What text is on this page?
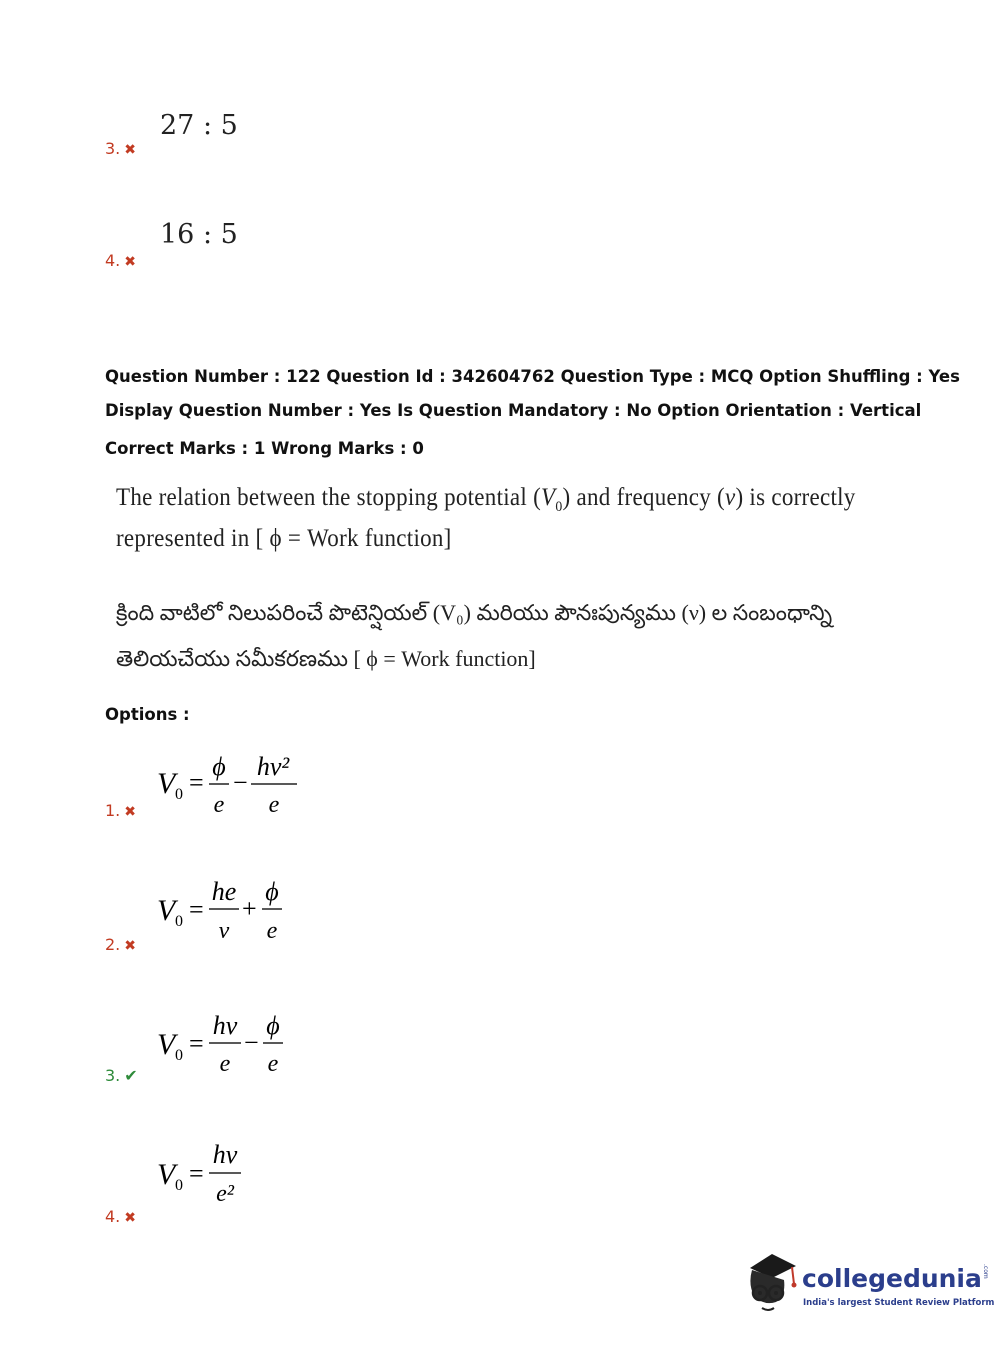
27 : 5
3. ✖
16 : 5
4. ✖
Question Number : 122 Question Id : 342604762 Question Type : MCQ Option Shuffling : Yes
Display Question Number : Yes Is Question Mandatory : No Option Orientation : Vertical
Correct Marks : 1 Wrong Marks : 0
The relation between the stopping potential $(V_0)$ and frequency (ν) is correctly
represented in [ ϕ = Work function]
క్రింది వాటిలో నిలుపరించే పొటెన్షియల్ (V₀) మరియు పౌనఃపున్యము (ν) ల సంబంధాన్ని
తెలియచేయు సమీకరణము [ ϕ = Work function]
Options :
V 0 =
ϕ
e
−
hν²
e
1. ✖
V 0 =
he
ν
+
ϕ
e
2. ✖
V 0 =
hν
e
−
ϕ
e
3. ✔
V 0 =
hν
e²
4. ✖
collegedunia.com
India's largest Student Review Platform
